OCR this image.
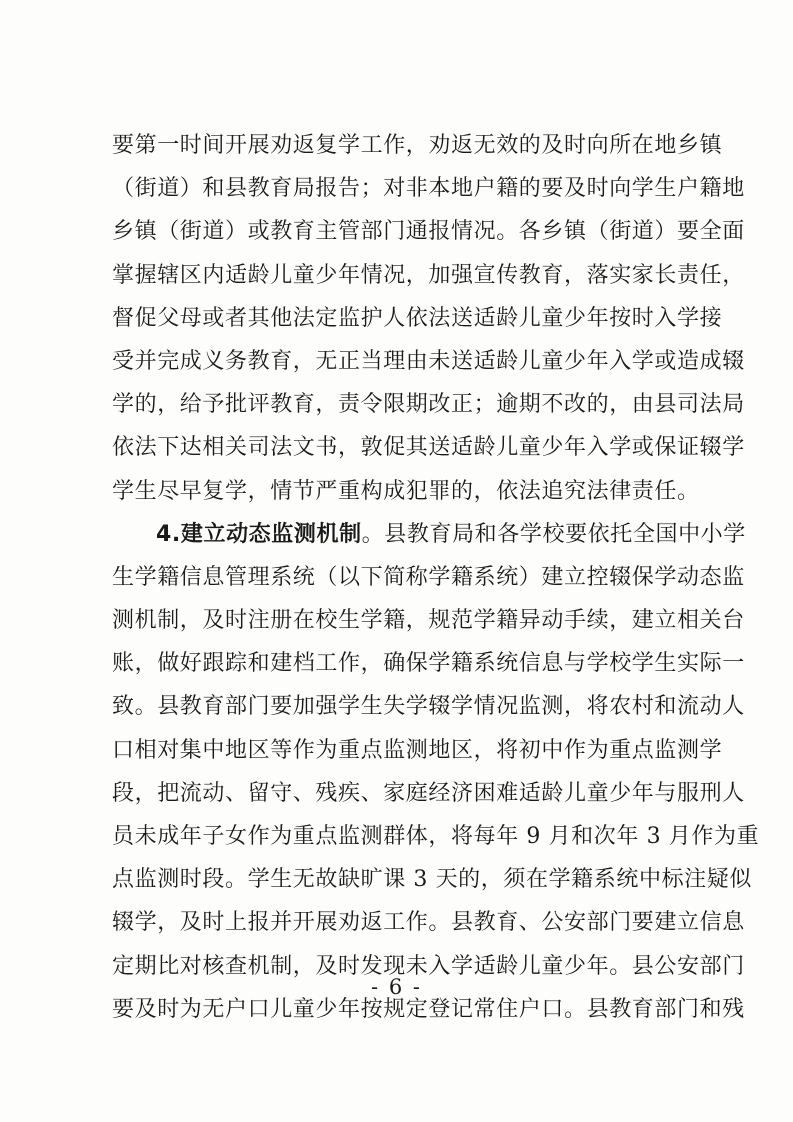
要第一时间开展劝返复学工作，劝返无效的及时向所在地乡镇
（街道）和县教育局报告；对非本地户籍的要及时向学生户籍地
乡镇（街道）或教育主管部门通报情况。各乡镇（街道）要全面
掌握辖区内适龄儿童少年情况，加强宣传教育，落实家长责任，
督促父母或者其他法定监护人依法送适龄儿童少年按时入学接
受并完成义务教育，无正当理由未送适龄儿童少年入学或造成辍
学的，给予批评教育，责令限期改正；逾期不改的，由县司法局
依法下达相关司法文书，敦促其送适龄儿童少年入学或保证辍学
学生尽早复学，情节严重构成犯罪的，依法追究法律责任。
4.建立动态监测机制。县教育局和各学校要依托全国中小学
生学籍信息管理系统（以下简称学籍系统）建立控辍保学动态监
测机制，及时注册在校生学籍，规范学籍异动手续，建立相关台
账，做好跟踪和建档工作，确保学籍系统信息与学校学生实际一
致。县教育部门要加强学生失学辍学情况监测，将农村和流动人
口相对集中地区等作为重点监测地区，将初中作为重点监测学
段，把流动、留守、残疾、家庭经济困难适龄儿童少年与服刑人
员未成年子女作为重点监测群体，将每年 9 月和次年 3 月作为重
点监测时段。学生无故缺旷课 3 天的，须在学籍系统中标注疑似
辍学，及时上报并开展劝返工作。县教育、公安部门要建立信息
定期比对核查机制，及时发现未入学适龄儿童少年。县公安部门
要及时为无户口儿童少年按规定登记常住户口。县教育部门和残
- 6 -
